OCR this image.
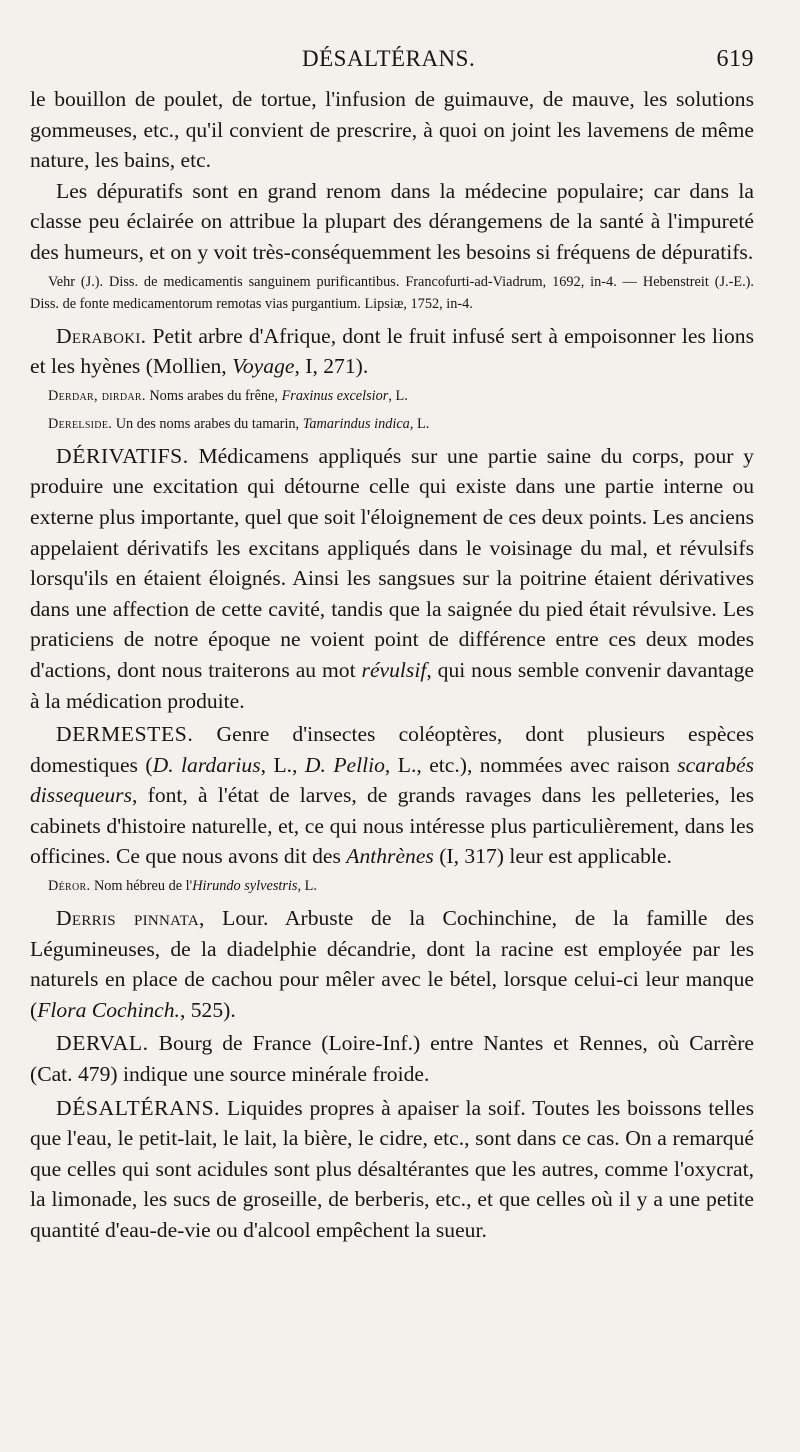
DÉSALTÉRANS.	619

le bouillon de poulet, de tortue, l'infusion de guimauve, de mauve, les solutions gommeuses, etc., qu'il convient de prescrire, à quoi on joint les lavemens de même nature, les bains, etc.

Les dépuratifs sont en grand renom dans la médecine populaire; car dans la classe peu éclairée on attribue la plupart des dérangemens de la santé à l'impureté des humeurs, et on y voit très-conséquemment les besoins si fréquens de dépuratifs.

Vehr (J.). Diss. de medicamentis sanguinem purificantibus. Francofurti-ad-Viadrum, 1692, in-4. — Hebenstreit (J.-E.). Diss. de fonte medicamentorum remotas vias purgantium. Lipsiæ, 1752, in-4.

Deraboki. Petit arbre d'Afrique, dont le fruit infusé sert à empoisonner les lions et les hyènes (Mollien, Voyage, I, 271).

Derdar, dirdar. Noms arabes du frêne, Fraxinus excelsior, L.

Derelside. Un des noms arabes du tamarin, Tamarindus indica, L.

DÉRIVATIFS. Médicamens appliqués sur une partie saine du corps, pour y produire une excitation qui détourne celle qui existe dans une partie interne ou externe plus importante, quel que soit l'éloignement de ces deux points. Les anciens appelaient dérivatifs les excitans appliqués dans le voisinage du mal, et révulsifs lorsqu'ils en étaient éloignés. Ainsi les sangsues sur la poitrine étaient dérivatives dans une affection de cette cavité, tandis que la saignée du pied était révulsive. Les praticiens de notre époque ne voient point de différence entre ces deux modes d'actions, dont nous traiterons au mot révulsif, qui nous semble convenir davantage à la médication produite.

DERMESTES. Genre d'insectes coléoptères, dont plusieurs espèces domestiques (D. lardarius, L., D. Pellio, L., etc.), nommées avec raison scarabés dissequeurs, font, à l'état de larves, de grands ravages dans les pelleteries, les cabinets d'histoire naturelle, et, ce qui nous intéresse plus particulièrement, dans les officines. Ce que nous avons dit des Anthrènes (I, 317) leur est applicable.

Déror. Nom hébreu de l'Hirundo sylvestris, L.

Derris pinnata, Lour. Arbuste de la Cochinchine, de la famille des Légumineuses, de la diadelphie décandrie, dont la racine est employée par les naturels en place de cachou pour mêler avec le bétel, lorsque celui-ci leur manque (Flora Cochinch., 525).

DERVAL. Bourg de France (Loire-Inf.) entre Nantes et Rennes, où Carrère (Cat. 479) indique une source minérale froide.

DÉSALTÉRANS. Liquides propres à apaiser la soif. Toutes les boissons telles que l'eau, le petit-lait, le lait, la bière, le cidre, etc., sont dans ce cas. On a remarqué que celles qui sont acidules sont plus désaltérantes que les autres, comme l'oxycrat, la limonade, les sucs de groseille, de berberis, etc., et que celles où il y a une petite quantité d'eau-de-vie ou d'alcool empêchent la sueur.
